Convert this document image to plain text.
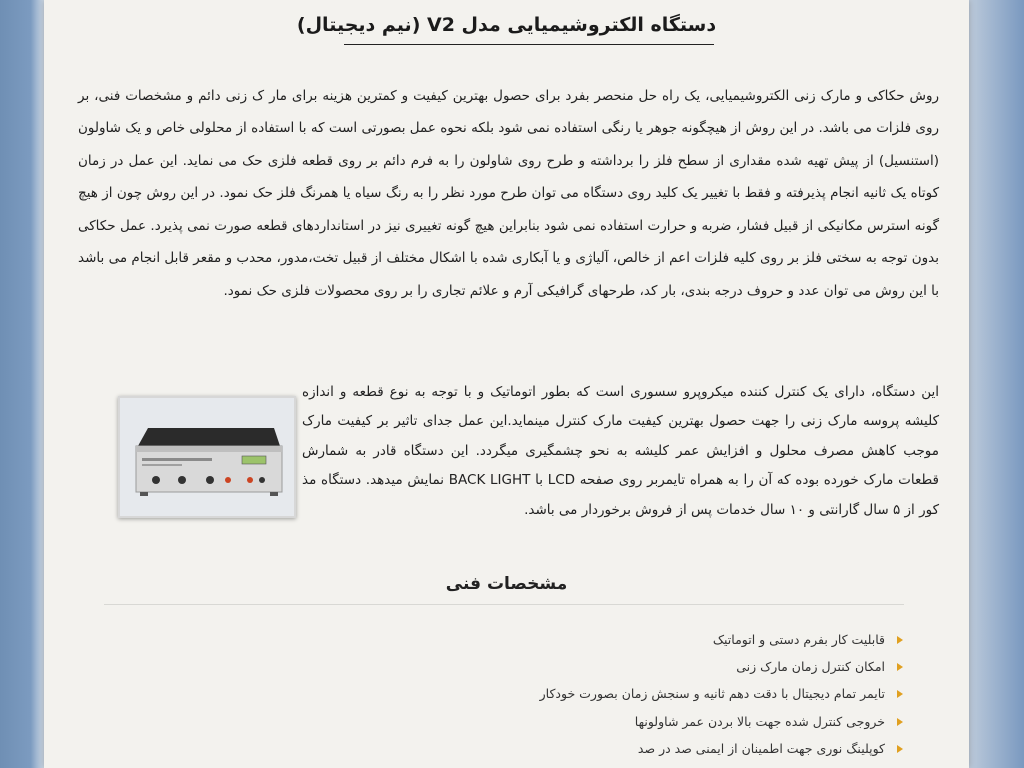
دستگاه الکتروشیمیایی مدل V2 (نیم دیجیتال)

روش حکاکی و مارک زنی الکتروشیمیایی، یک راه حل منحصر بفرد برای حصول بهترین کیفیت و کمترین هزینه برای مار ک زنی دائم و مشخصات فنی، بر روی فلزات می باشد. در این روش از هیچگونه جوهر یا رنگی استفاده نمی شود بلکه نحوه عمل بصورتی است که با استفاده از محلولی خاص و یک شاولون (استنسیل) از پیش تهیه شده مقداری از سطح فلز را برداشته و طرح روی شاولون را به فرم دائم بر روی قطعه فلزی حک می نماید. این عمل در زمان کوتاه یک ثانیه انجام پذیرفته و فقط با تغییر یک کلید روی دستگاه می توان طرح مورد نظر را به رنگ سیاه یا همرنگ فلز حک نمود. در این روش چون از هیچ گونه استرس مکانیکی از قبیل فشار، ضربه و حرارت استفاده نمی شود بنابراین هیچ گونه تغییری نیز در استانداردهای قطعه صورت نمی پذیرد. عمل حکاکی بدون توجه به سختی فلز بر روی کلیه فلزات اعم از خالص، آلیاژی و یا آبکاری شده با اشکال مختلف از قبیل تخت،مدور، محدب و مقعر قابل انجام می باشد با این روش می توان عدد و حروف درجه بندی، بار کد، طرحهای گرافیکی آرم و علائم تجاری را بر روی محصولات فلزی حک نمود.

این دستگاه، دارای یک کنترل کننده میکروپرو سسوری است که بطور اتوماتیک و با توجه به نوع قطعه و اندازه کلیشه پروسه مارک زنی را جهت حصول بهترین کیفیت مارک کنترل مینماید.این عمل جدای تاثیر بر کیفیت مارک موجب کاهش مصرف محلول و افزایش عمر کلیشه به نحو چشمگیری میگردد. این دستگاه قادر به شمارش قطعات مارک خورده بوده که آن را به همراه تایمربر روی صفحه LCD با BACK LIGHT نمایش میدهد. دستگاه مذ کور از ۵ سال گارانتی و ۱۰ سال خدمات پس از فروش برخوردار می باشد.

مشخصات فنی
قابلیت کار بفرم دستی و اتوماتیک
امکان کنترل زمان مارک زنی
تایمر تمام دیجیتال با دقت دهم ثانیه و سنجش زمان بصورت خودکار
خروجی کنترل شده جهت بالا بردن عمر شاولونها
کوپلینگ نوری جهت اطمینان از ایمنی صد در صد
